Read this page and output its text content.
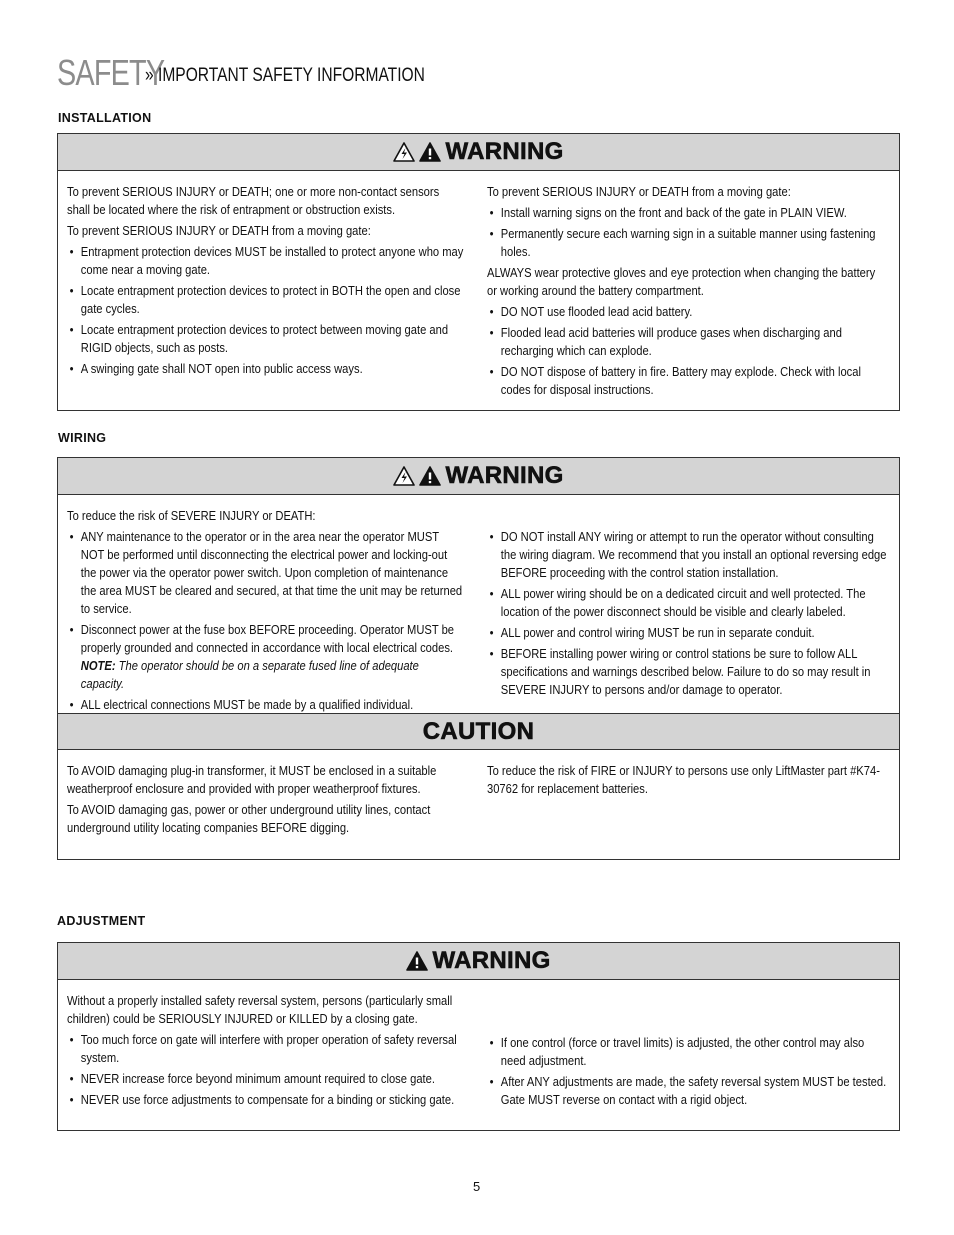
SAFETY
» IMPORTANT SAFETY INFORMATION
INSTALLATION
WARNING

To prevent SERIOUS INJURY or DEATH; one or more non-contact sensors shall be located where the risk of entrapment or obstruction exists.

To prevent SERIOUS INJURY or DEATH from a moving gate:

• Entrapment protection devices MUST be installed to protect anyone who may come near a moving gate.
• Locate entrapment protection devices to protect in BOTH the open and close gate cycles.
• Locate entrapment protection devices to protect between moving gate and RIGID objects, such as posts.
• A swinging gate shall NOT open into public access ways.

To prevent SERIOUS INJURY or DEATH from a moving gate:

• Install warning signs on the front and back of the gate in PLAIN VIEW.
• Permanently secure each warning sign in a suitable manner using fastening holes.

ALWAYS wear protective gloves and eye protection when changing the battery or working around the battery compartment.

• DO NOT use flooded lead acid battery.
• Flooded lead acid batteries will produce gases when discharging and recharging which can explode.
• DO NOT dispose of battery in fire. Battery may explode. Check with local codes for disposal instructions.
WIRING
WARNING

To reduce the risk of SEVERE INJURY or DEATH:

• ANY maintenance to the operator or in the area near the operator MUST NOT be performed until disconnecting the electrical power and locking-out the power via the operator power switch. Upon completion of maintenance the area MUST be cleared and secured, at that time the unit may be returned to service.
• Disconnect power at the fuse box BEFORE proceeding. Operator MUST be properly grounded and connected in accordance with local electrical codes. NOTE: The operator should be on a separate fused line of adequate capacity.
• ALL electrical connections MUST be made by a qualified individual.
• DO NOT install ANY wiring or attempt to run the operator without consulting the wiring diagram. We recommend that you install an optional reversing edge BEFORE proceeding with the control station installation.
• ALL power wiring should be on a dedicated circuit and well protected. The location of the power disconnect should be visible and clearly labeled.
• ALL power and control wiring MUST be run in separate conduit.
• BEFORE installing power wiring or control stations be sure to follow ALL specifications and warnings described below. Failure to do so may result in SEVERE INJURY to persons and/or damage to operator.
CAUTION

To AVOID damaging plug-in transformer, it MUST be enclosed in a suitable weatherproof enclosure and provided with proper weatherproof fixtures.

To AVOID damaging gas, power or other underground utility lines, contact underground utility locating companies BEFORE digging.

To reduce the risk of FIRE or INJURY to persons use only LiftMaster part #K74-30762 for replacement batteries.

ADJUSTMENT
WARNING

Without a properly installed safety reversal system, persons (particularly small children) could be SERIOUSLY INJURED or KILLED by a closing gate.

• Too much force on gate will interfere with proper operation of safety reversal system.
• NEVER increase force beyond minimum amount required to close gate.
• NEVER use force adjustments to compensate for a binding or sticking gate.
• If one control (force or travel limits) is adjusted, the other control may also need adjustment.
• After ANY adjustments are made, the safety reversal system MUST be tested. Gate MUST reverse on contact with a rigid object.
5
